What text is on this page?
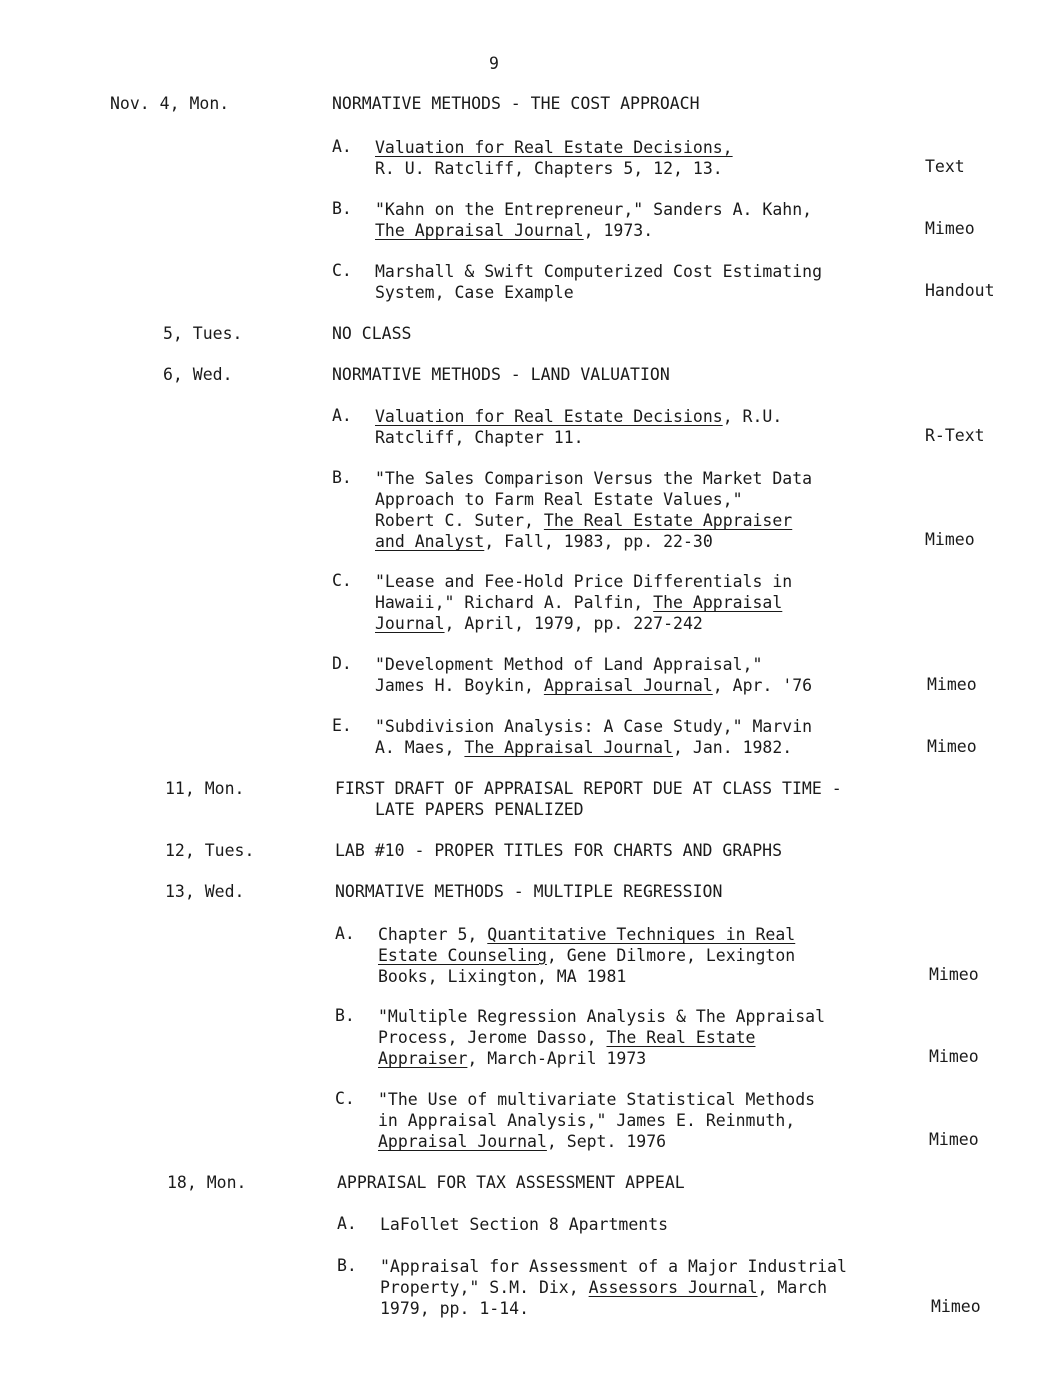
9
Nov. 4, Mon.	NORMATIVE METHODS - THE COST APPROACH
A. Valuation for Real Estate Decisions,
R. U. Ratcliff, Chapters 5, 12, 13.	Text
B. "Kahn on the Entrepreneur," Sanders A. Kahn,
The Appraisal Journal, 1973.	Mimeo
C. Marshall & Swift Computerized Cost Estimating
System, Case Example	Handout
5, Tues.	NO CLASS
6, Wed.	NORMATIVE METHODS - LAND VALUATION
A. Valuation for Real Estate Decisions, R.U.
Ratcliff, Chapter 11.	R-Text
B. "The Sales Comparison Versus the Market Data
Approach to Farm Real Estate Values,"
Robert C. Suter, The Real Estate Appraiser
and Analyst, Fall, 1983, pp. 22-30	Mimeo
C. "Lease and Fee-Hold Price Differentials in
Hawaii," Richard A. Palfin, The Appraisal
Journal, April, 1979, pp. 227-242
D. "Development Method of Land Appraisal,"
James H. Boykin, Appraisal Journal, Apr. '76	Mimeo
E. "Subdivision Analysis: A Case Study," Marvin
A. Maes, The Appraisal Journal, Jan. 1982.	Mimeo
11, Mon.	FIRST DRAFT OF APPRAISAL REPORT DUE AT CLASS TIME -
LATE PAPERS PENALIZED
12, Tues.	LAB #10 - PROPER TITLES FOR CHARTS AND GRAPHS
13, Wed.	NORMATIVE METHODS - MULTIPLE REGRESSION
A. Chapter 5, Quantitative Techniques in Real
Estate Counseling, Gene Dilmore, Lexington
Books, Lixington, MA 1981	Mimeo
B. "Multiple Regression Analysis & The Appraisal
Process, Jerome Dasso, The Real Estate
Appraiser, March-April 1973	Mimeo
C. "The Use of multivariate Statistical Methods
in Appraisal Analysis," James E. Reinmuth,
Appraisal Journal, Sept. 1976	Mimeo
18, Mon.	APPRAISAL FOR TAX ASSESSMENT APPEAL
A. LaFollet Section 8 Apartments
B. "Appraisal for Assessment of a Major Industrial
Property," S.M. Dix, Assessors Journal, March
1979, pp. 1-14.	Mimeo
